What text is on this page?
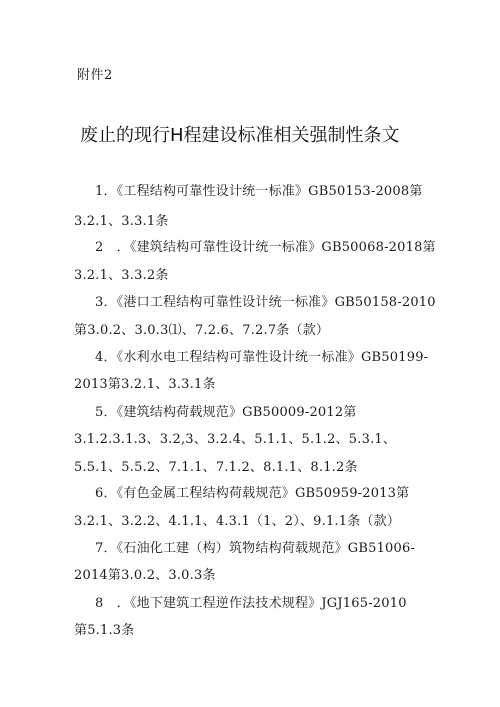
附件2
废止的现行H程建设标准相关强制性条文
1．《工程结构可靠性设计统一标准》GB50153-2008第
3.2.1、3.3.1条
2　．《建筑结构可靠性设计统一标准》GB50068-2018第
3.2.1、3.3.2条
3．《港口工程结构可靠性设计统一标准》GB50158-2010
第3.0.2、3.0.3⑴、7.2.6、7.2.7条（款）
4．《水利水电工程结构可靠性设计统一标准》GB50199-
2013第3.2.1、3.3.1条
5．《建筑结构荷载规范》GB50009-2012第
3.1.2.3.1.3、3.2,3、3.2.4、5.1.1、5.1.2、5.3.1、
5.5.1、5.5.2、7.1.1、7.1.2、8.1.1、8.1.2条
6．《有色金属工程结构荷载规范》GB50959-2013第
3.2.1、3.2.2、4.1.1、4.3.1（1、2）、9.1.1条（款）
7．《石油化工建（构）筑物结构荷载规范》GB51006-
2014第3.0.2、3.0.3条
8　．《地下建筑工程逆作法技术规程》JGJ165-2010
第5.1.3条
